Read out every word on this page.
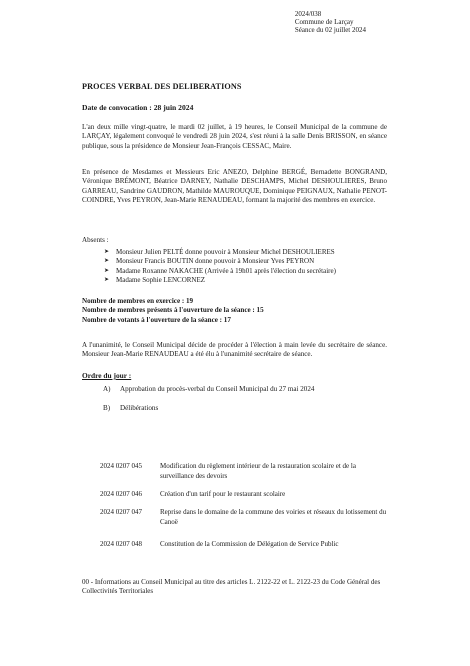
2024/038
Commune de Larçay
Séance du 02 juillet 2024
PROCES VERBAL DES DELIBERATIONS
Date de convocation : 28 juin 2024
L'an deux mille vingt-quatre, le mardi 02 juillet, à 19 heures, le Conseil Municipal de la commune de LARÇAY, légalement convoqué le vendredi 28 juin 2024, s'est réuni à la salle Denis BRISSON, en séance publique, sous la présidence de Monsieur Jean-François CESSAC, Maire.
En présence de Mesdames et Messieurs Eric ANEZO, Delphine BERGÉ, Bernadette BONGRAND, Véronique BRÉMONT, Béatrice DARNEY, Nathalie DESCHAMPS, Michel DESHOULIERES, Bruno GARREAU, Sandrine GAUDRON, Mathilde MAUROUQUE, Dominique PEIGNAUX, Nathalie PENOT-COINDRE, Yves PEYRON, Jean-Marie RENAUDEAU, formant la majorité des membres en exercice.
Absents :
➤ Monsieur Julien PELTÉ donne pouvoir à Monsieur Michel DESHOULIERES
➤ Monsieur Francis BOUTIN donne pouvoir à Monsieur Yves PEYRON
➤ Madame Roxanne NAKACHE (Arrivée à 19h01 après l'élection du secrétaire)
➤ Madame Sophie LENCORNEZ
Nombre de membres en exercice : 19
Nombre de membres présents à l'ouverture de la séance : 15
Nombre de votants à l'ouverture de la séance : 17
A l'unanimité, le Conseil Municipal décide de procéder à l'élection à main levée du secrétaire de séance. Monsieur Jean-Marie RENAUDEAU a été élu à l'unanimité secrétaire de séance.
Ordre du jour :
A) Approbation du procès-verbal du Conseil Municipal du 27 mai 2024
B) Délibérations
2024 0207 045	Modification du règlement intérieur de la restauration scolaire et de la surveillance des devoirs
2024 0207 046	Création d'un tarif pour le restaurant scolaire
2024 0207 047	Reprise dans le domaine de la commune des voiries et réseaux du lotissement du Canoë
2024 0207 048	Constitution de la Commission de Délégation de Service Public
00 - Informations au Conseil Municipal au titre des articles L. 2122-22 et L. 2122-23 du Code Général des Collectivités Territoriales
